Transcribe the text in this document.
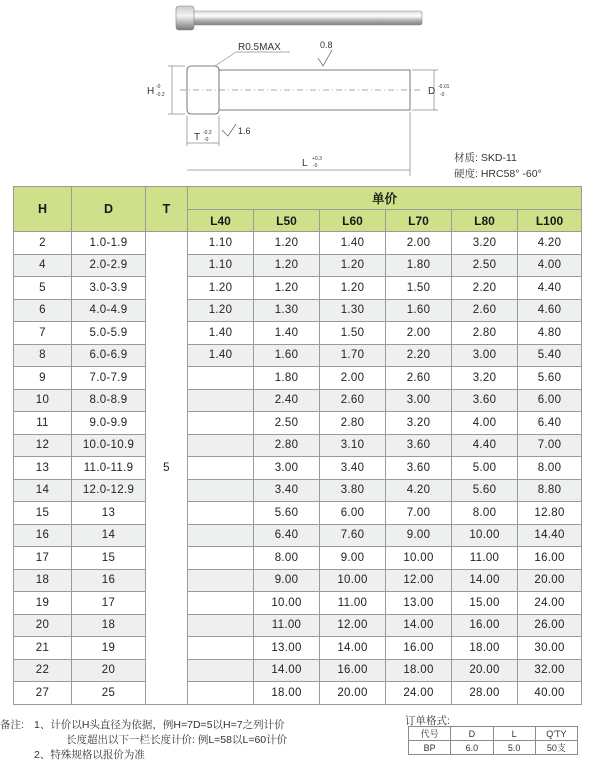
R0.5MAX	0.8
1.6
H -0
-0.2	D -0.01
-0
T -0.2
-0
L +0.3
-0
材质: SKD-11
硬度: HRC58° -60°
H	D	T	单价					
			L40	L50	L60	L70	L80	L100
2	1.0-1.9	5	1.10	1.20	1.40	2.00	3.20	4.20
4	2.0-2.9		1.10	1.20	1.20	1.80	2.50	4.00
5	3.0-3.9		1.20	1.20	1.20	1.50	2.20	4.40
6	4.0-4.9		1.20	1.30	1.30	1.60	2.60	4.60
7	5.0-5.9		1.40	1.40	1.50	2.00	2.80	4.80
8	6.0-6.9		1.40	1.60	1.70	2.20	3.00	5.40
9	7.0-7.9			1.80	2.00	2.60	3.20	5.60
10	8.0-8.9			2.40	2.60	3.00	3.60	6.00
11	9.0-9.9			2.50	2.80	3.20	4.00	6.40
12	10.0-10.9			2.80	3.10	3.60	4.40	7.00
13	11.0-11.9			3.00	3.40	3.60	5.00	8.00
14	12.0-12.9			3.40	3.80	4.20	5.60	8.80
15	13			5.60	6.00	7.00	8.00	12.80
16	14			6.40	7.60	9.00	10.00	14.40
17	15			8.00	9.00	10.00	11.00	16.00
18	16			9.00	10.00	12.00	14.00	20.00
19	17			10.00	11.00	13.00	15.00	24.00
20	18			11.00	12.00	14.00	16.00	26.00
21	19			13.00	14.00	16.00	18.00	30.00
22	20			14.00	16.00	18.00	20.00	32.00
27	25			18.00	20.00	24.00	28.00	40.00
备注: 1、计价以H头直径为依据，例H=7D=5以H=7之列计价
长度超出以下一栏长度计价: 例L=58以L=60计价
2、特殊规格以报价为准
订单格式:
代号	D	L	Q'TY
BP	6.0	5.0	50支
